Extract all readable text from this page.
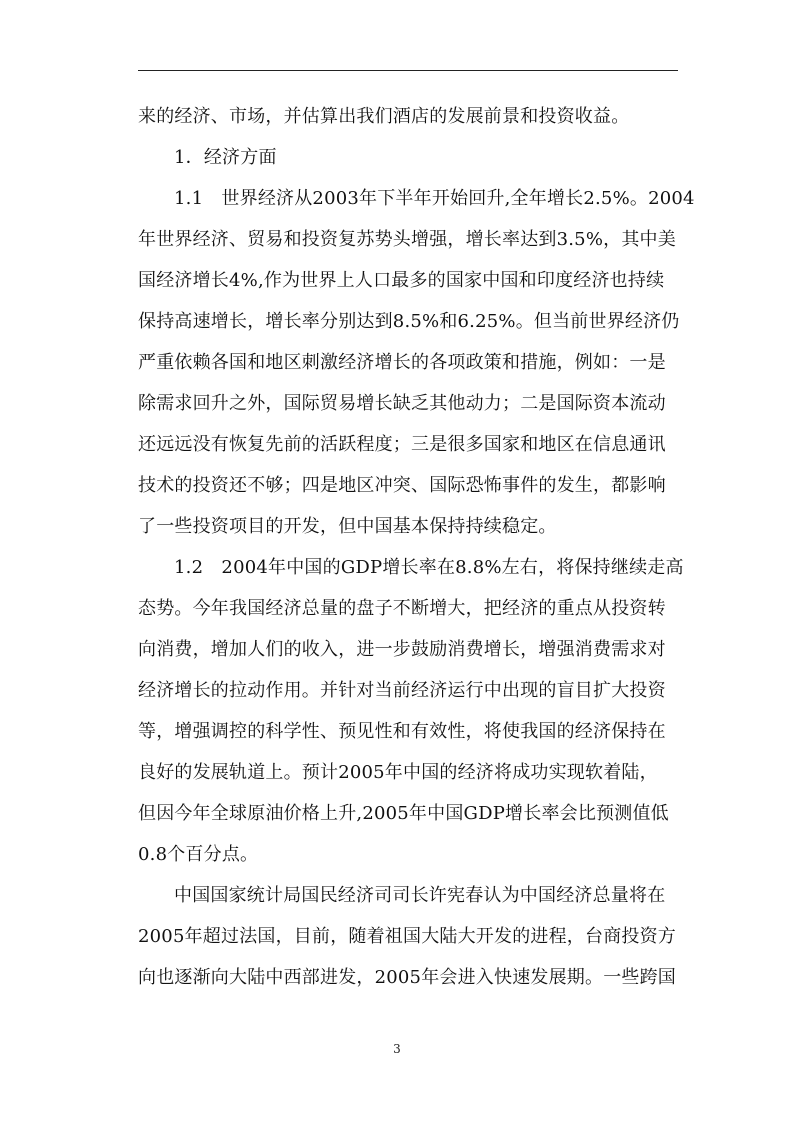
来的经济、市场，并估算出我们酒店的发展前景和投资收益。
1．经济方面
1.1　世界经济从2003年下半年开始回升,全年增长2.5%。2004
年世界经济、贸易和投资复苏势头增强，增长率达到3.5%，其中美
国经济增长4%,作为世界上人口最多的国家中国和印度经济也持续
保持高速增长，增长率分别达到8.5%和6.25%。但当前世界经济仍
严重依赖各国和地区刺激经济增长的各项政策和措施，例如：一是
除需求回升之外，国际贸易增长缺乏其他动力；二是国际资本流动
还远远没有恢复先前的活跃程度；三是很多国家和地区在信息通讯
技术的投资还不够；四是地区冲突、国际恐怖事件的发生，都影响
了一些投资项目的开发，但中国基本保持持续稳定。
1.2　2004年中国的GDP增长率在8.8%左右，将保持继续走高
态势。今年我国经济总量的盘子不断增大，把经济的重点从投资转
向消费，增加人们的收入，进一步鼓励消费增长，增强消费需求对
经济增长的拉动作用。并针对当前经济运行中出现的盲目扩大投资
等，增强调控的科学性、预见性和有效性，将使我国的经济保持在
良好的发展轨道上。预计2005年中国的经济将成功实现软着陆，
但因今年全球原油价格上升,2005年中国GDP增长率会比预测值低
0.8个百分点。
中国国家统计局国民经济司司长许宪春认为中国经济总量将在
2005年超过法国，目前，随着祖国大陆大开发的进程，台商投资方
向也逐渐向大陆中西部进发，2005年会进入快速发展期。一些跨国
3
